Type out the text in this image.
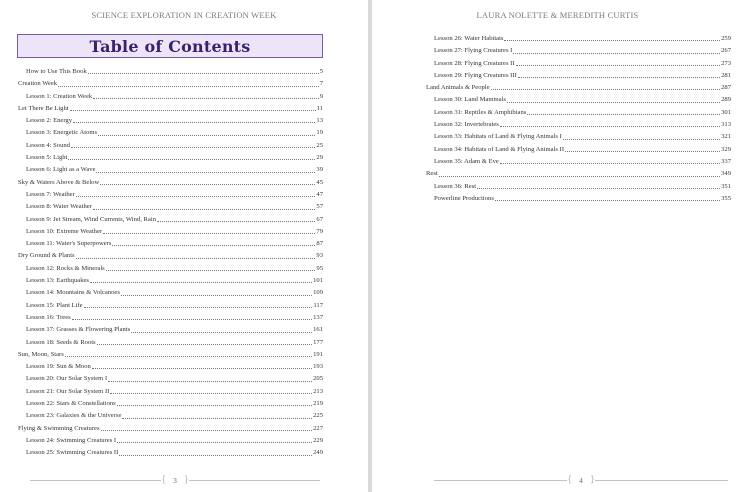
SCIENCE EXPLORATION IN CREATION WEEK
Table of Contents
How to Use This Book	5
Creation Week	7
Lesson 1: Creation Week	9
Let There Be Light	11
Lesson 2: Energy	13
Lesson 3: Energetic Atoms	19
Lesson 4: Sound	25
Lesson 5: Light	29
Lesson 6: Light as a Wave	39
Sky & Waters Above & Below	45
Lesson 7: Weather	47
Lesson 8: Water Weather	57
Lesson 9: Jet Stream, Wind Currents, Wind, Rain	67
Lesson 10: Extreme Weather	79
Lesson 11: Water's Superpowers	87
Dry Ground & Plants	93
Lesson 12: Rocks & Minerals	95
Lesson 13: Earthquakes	101
Lesson 14: Mountains & Volcanoes	109
Lesson 15: Plant Life	117
Lesson 16: Trees	137
Lesson 17: Grasses & Flowering Plants	161
Lesson 18: Seeds & Roots	177
Sun, Moon, Stars	191
Lesson 19: Sun & Moon	193
Lesson 20: Our Solar System I	205
Lesson 21: Our Solar System II	213
Lesson 22: Stars & Constellations	219
Lesson 23: Galaxies & the Universe	225
Flying & Swimming Creatures	227
Lesson 24: Swimming Creatures I	229
Lesson 25: Swimming Creatures II	249
{ 3 }
LAURA NOLETTE & MEREDITH CURTIS
Lesson 26: Water Habitats	259
Lesson 27: Flying Creatures I	267
Lesson 28: Flying Creatures II	273
Lesson 29: Flying Creatures III	281
Land Animals & People	287
Lesson 30: Land Mammals	289
Lesson 31: Reptiles & Amphibians	301
Lesson 32: Invertebrates	313
Lesson 33: Habitats of Land & Flying Animals I	321
Lesson 34: Habitats of Land & Flying Animals II	329
Lesson 35: Adam & Eve	337
Rest	349
Lesson 36: Rest	351
Powerline Productions	355
{ 4 }
